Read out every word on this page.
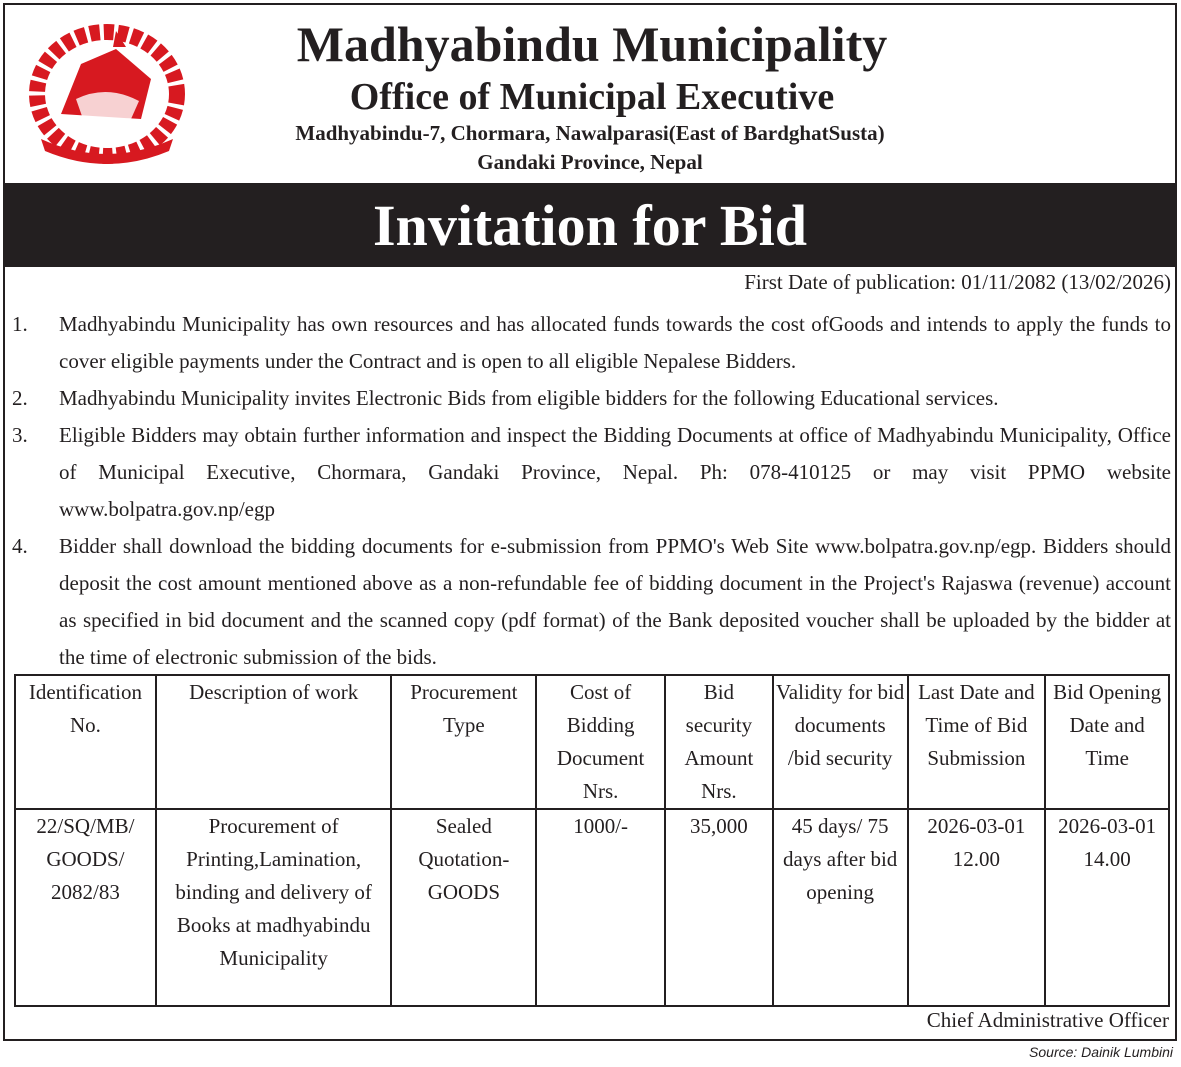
Madhyabindu Municipality
Office of Municipal Executive
Madhyabindu-7, Chormara, Nawalparasi(East of BardghatSusta)
Gandaki Province, Nepal
Invitation for Bid
First Date of publication: 01/11/2082 (13/02/2026)
1.	Madhyabindu Municipality has own resources and has allocated funds towards the cost ofGoods and intends to apply the funds to cover eligible payments under the Contract and is open to all eligible Nepalese Bidders.
2.	Madhyabindu Municipality invites Electronic Bids from eligible bidders for the following Educational services.
3.	Eligible Bidders may obtain further information and inspect the Bidding Documents at office of Madhyabindu Municipality, Office of Municipal Executive, Chormara, Gandaki Province, Nepal. Ph: 078-410125 or may visit PPMO website www.bolpatra.gov.np/egp
4.	Bidder shall download the bidding documents for e-submission from PPMO's Web Site www.bolpatra.gov.np/egp. Bidders should deposit the cost amount mentioned above as a non-refundable fee of bidding document in the Project's Rajaswa (revenue) account as specified in bid document and the scanned copy (pdf format) of the Bank deposited voucher shall be uploaded by the bidder at the time of electronic submission of the bids.
Identification No.	Description of work	Procurement Type	Cost of Bidding Document Nrs.	Bid security Amount Nrs.	Validity for bid documents /bid security	Last Date and Time of Bid Submission	Bid Opening Date and Time
22/SQ/MB/ GOODS/ 2082/83	Procurement of Printing,Lamination, binding and delivery of Books at madhyabindu Municipality	Sealed Quotation- GOODS	1000/-	35,000	45 days/ 75 days after bid opening	2026-03-01 12.00	2026-03-01 14.00
Chief Administrative Officer
Source: Dainik Lumbini
